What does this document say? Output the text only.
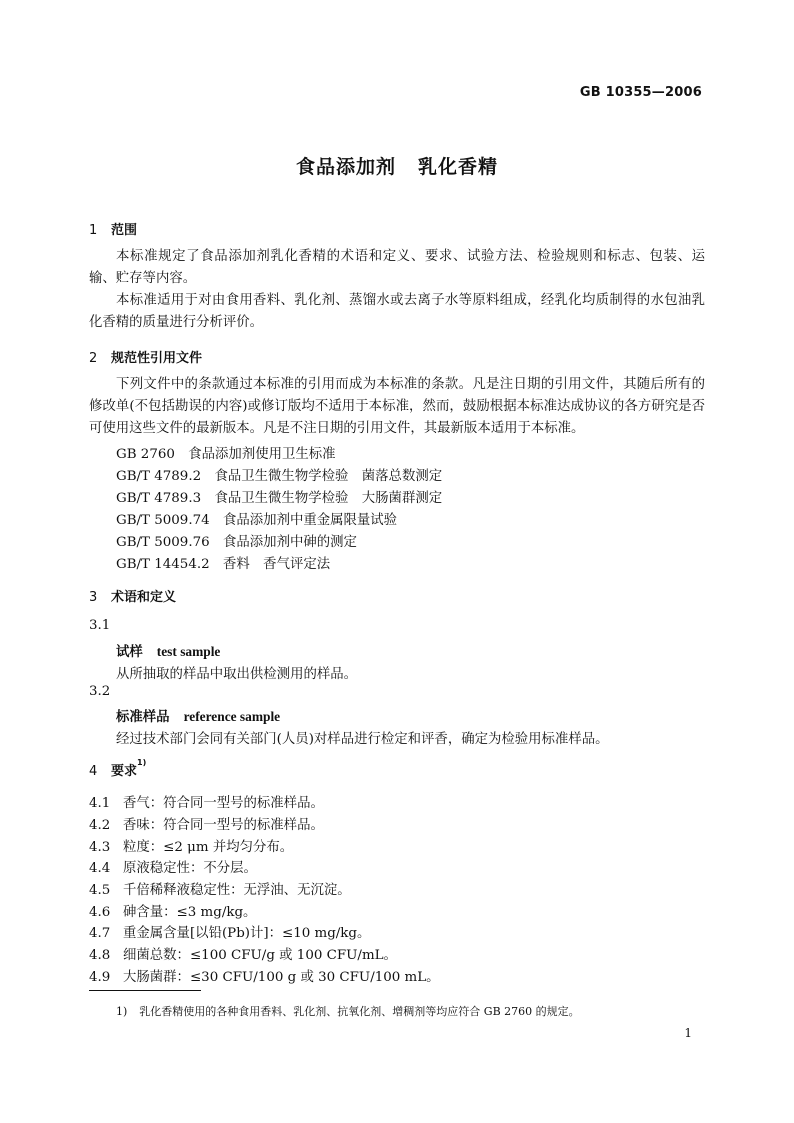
GB 10355—2006
食品添加剂 乳化香精
1 范围
本标准规定了食品添加剂乳化香精的术语和定义、要求、试验方法、检验规则和标志、包装、运输、贮存等内容。
本标准适用于对由食用香料、乳化剂、蒸馏水或去离子水等原料组成，经乳化均质制得的水包油乳化香精的质量进行分析评价。
2 规范性引用文件
下列文件中的条款通过本标准的引用而成为本标准的条款。凡是注日期的引用文件，其随后所有的修改单(不包括勘误的内容)或修订版均不适用于本标准，然而，鼓励根据本标准达成协议的各方研究是否可使用这些文件的最新版本。凡是不注日期的引用文件，其最新版本适用于本标准。
GB 2760　食品添加剂使用卫生标准
GB/T 4789.2　食品卫生微生物学检验　菌落总数测定
GB/T 4789.3　食品卫生微生物学检验　大肠菌群测定
GB/T 5009.74　食品添加剂中重金属限量试验
GB/T 5009.76　食品添加剂中砷的测定
GB/T 14454.2　香料　香气评定法
3 术语和定义
3.1
试样 test sample
从所抽取的样品中取出供检测用的样品。
3.2
标准样品 reference sample
经过技术部门会同有关部门(人员)对样品进行检定和评香，确定为检验用标准样品。
4 要求$^{1)}$
4.1 香气：符合同一型号的标准样品。
4.2 香味：符合同一型号的标准样品。
4.3 粒度：≤2 μm 并均匀分布。
4.4 原液稳定性：不分层。
4.5 千倍稀释液稳定性：无浮油、无沉淀。
4.6 砷含量：≤3 mg/kg。
4.7 重金属含量[以铅(Pb)计]：≤10 mg/kg。
4.8 细菌总数：≤100 CFU/g 或 100 CFU/mL。
4.9 大肠菌群：≤30 CFU/100 g 或 30 CFU/100 mL。
1) 乳化香精使用的各种食用香料、乳化剂、抗氧化剂、增稠剂等均应符合 GB 2760 的规定。
1
